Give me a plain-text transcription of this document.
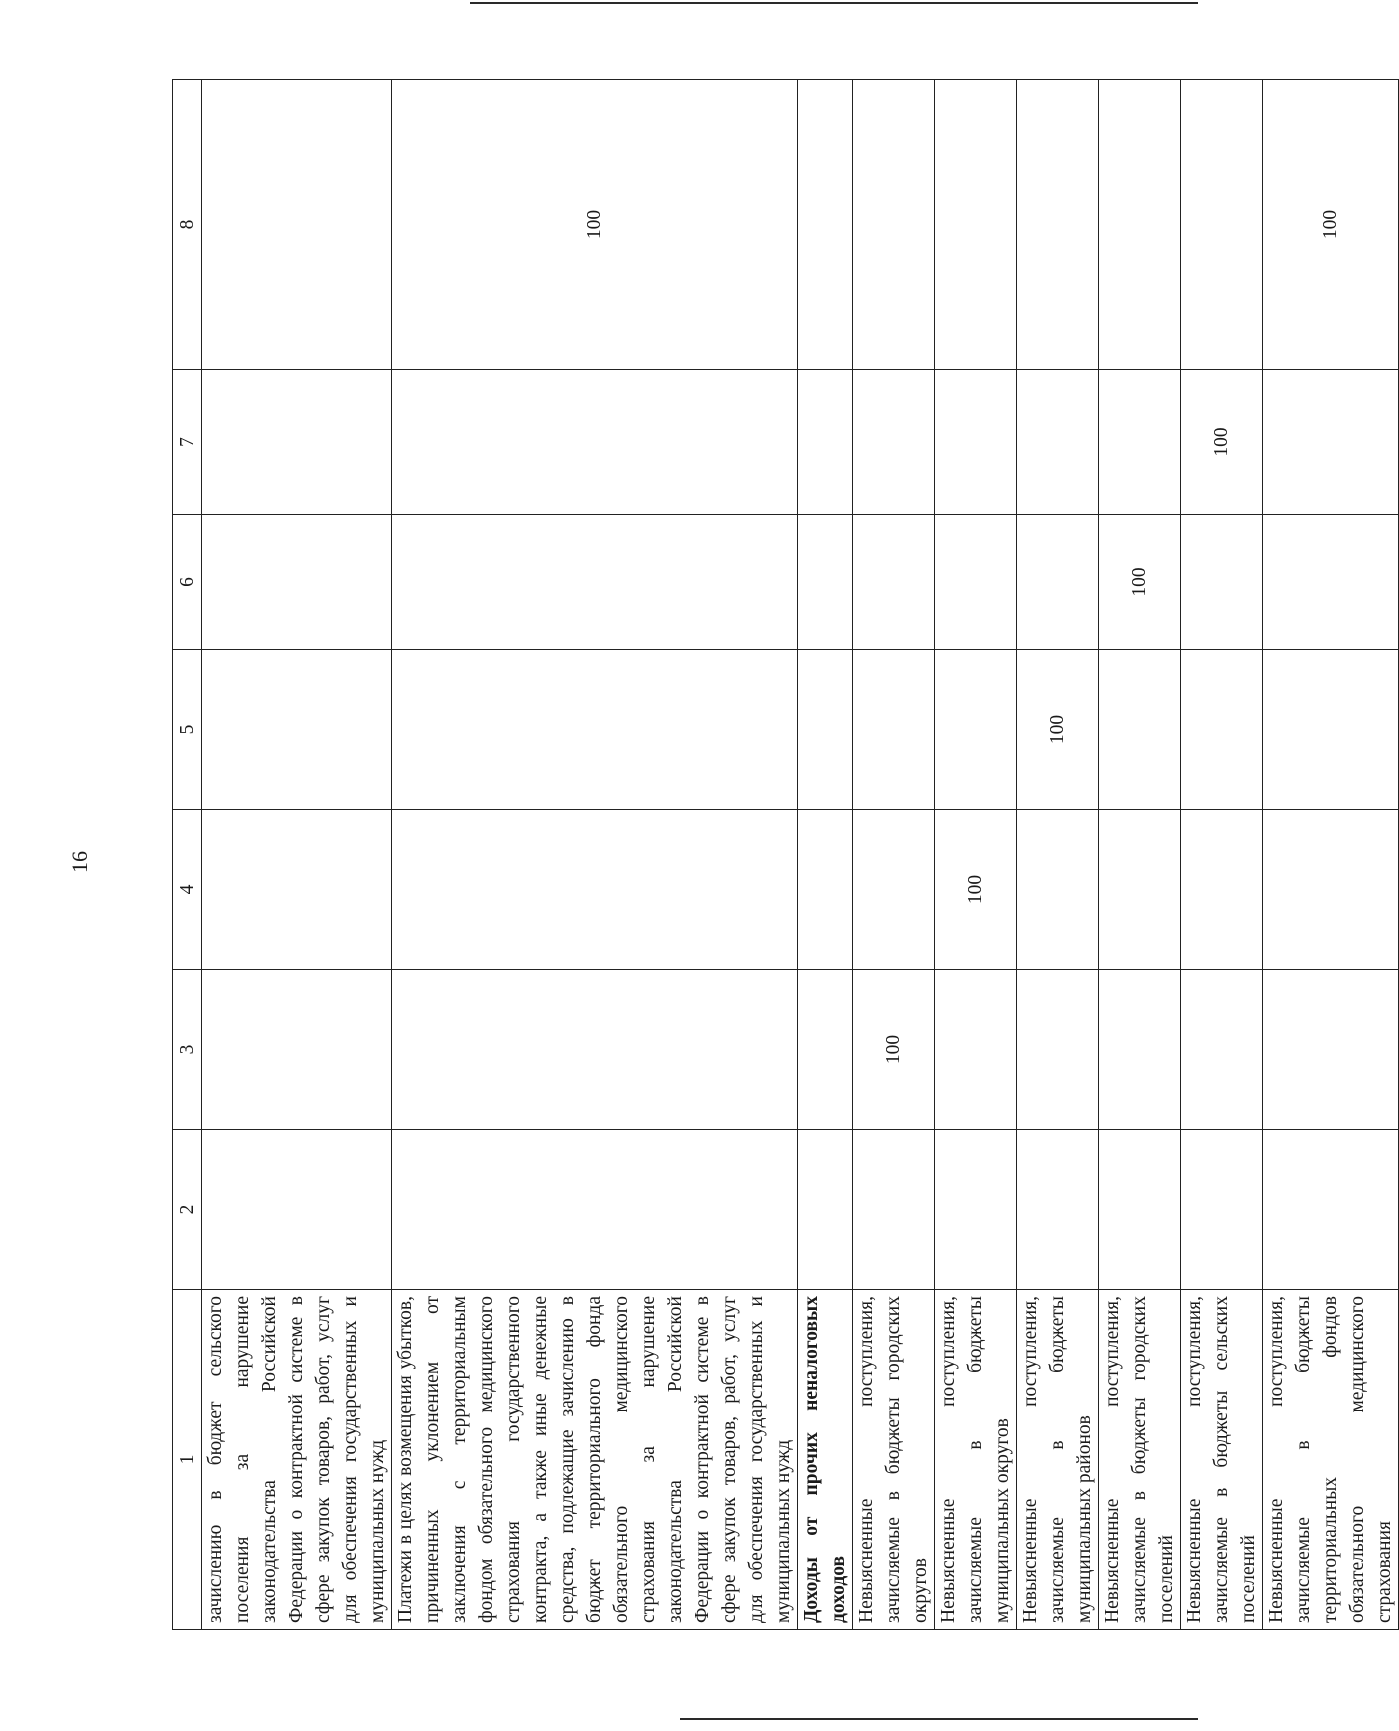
16
1	2	3	4	5	6	7	8
зачислению в бюджет сельского поселения за нарушение законодательства Российской Федерации о контрактной системе в сфере закупок товаров, работ, услуг для обеспечения государственных и муниципальных нужд							
Платежи в целях возмещения убытков, причиненных уклонением от заключения с территориальным фондом обязательного медицинского страхования государственного контракта, а также иные денежные средства, подлежащие зачислению в бюджет территориального фонда обязательного медицинского страхования за нарушение законодательства Российской Федерации о контрактной системе в сфере закупок товаров, работ, услуг для обеспечения государственных и муниципальных нужд							100
Доходы от прочих неналоговых доходов							
Невыясненные поступления, зачисляемые в бюджеты городских округов		100					
Невыясненные поступления, зачисляемые в бюджеты муниципальных округов			100				
Невыясненные поступления, зачисляемые в бюджеты муниципальных районов				100			
Невыясненные поступления, зачисляемые в бюджеты городских поселений					100		
Невыясненные поступления, зачисляемые в бюджеты сельских поселений						100	
Невыясненные поступления, зачисляемые в бюджеты территориальных фондов обязательного медицинского страхования							100
